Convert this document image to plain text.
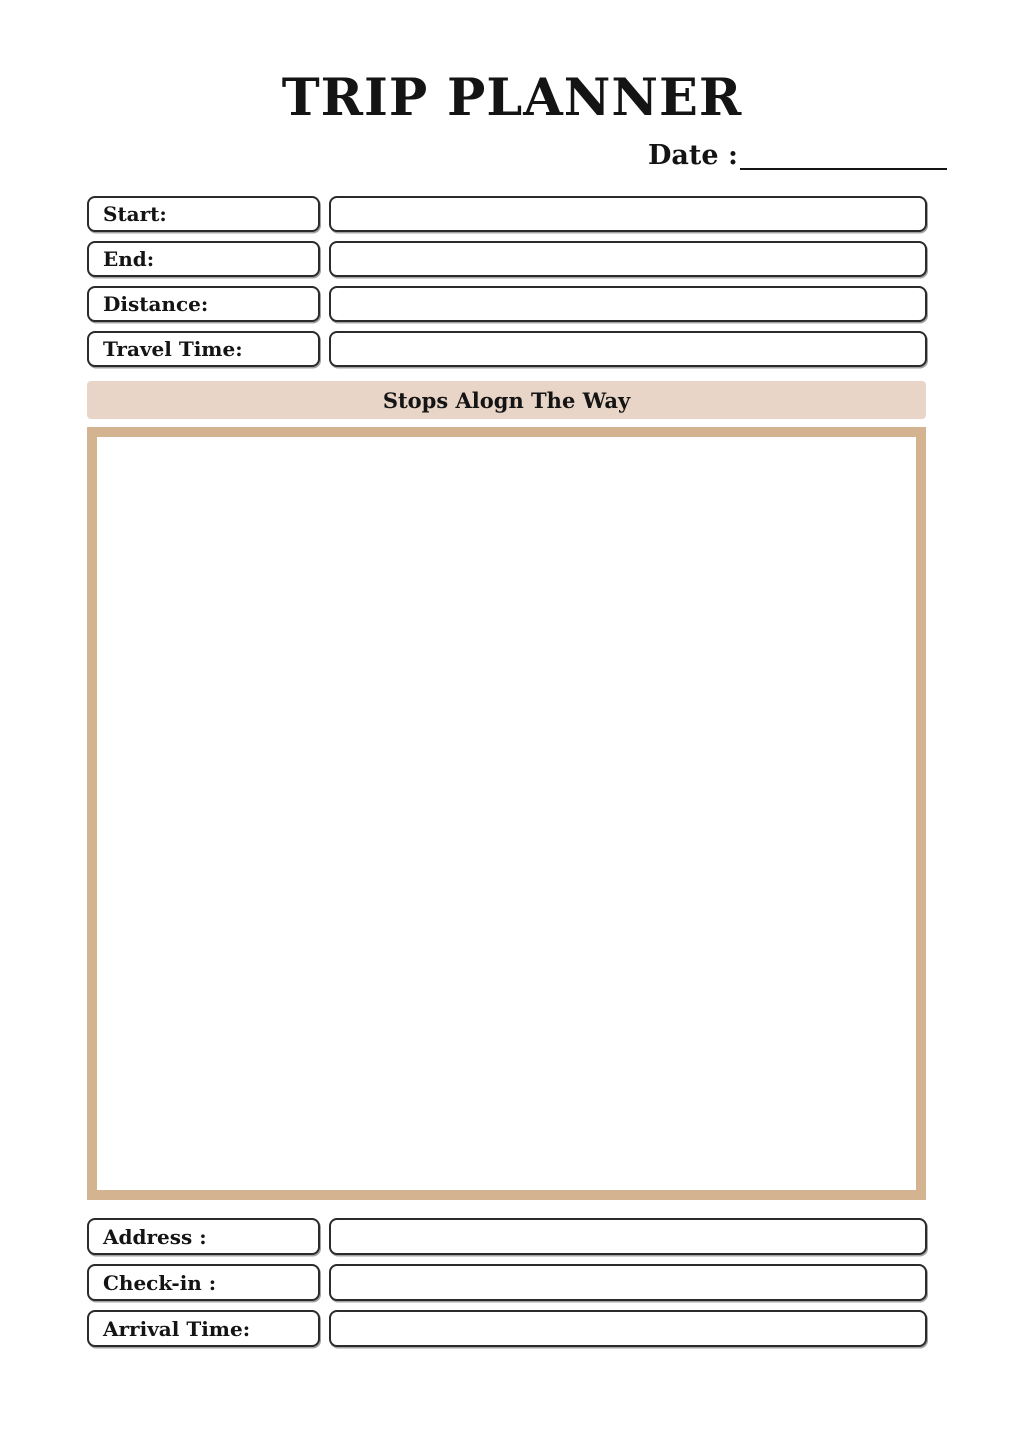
TRIP PLANNER
Date :
Start:
End:
Distance:
Travel Time:
Stops Alogn The Way
Address :
Check-in :
Arrival Time:
